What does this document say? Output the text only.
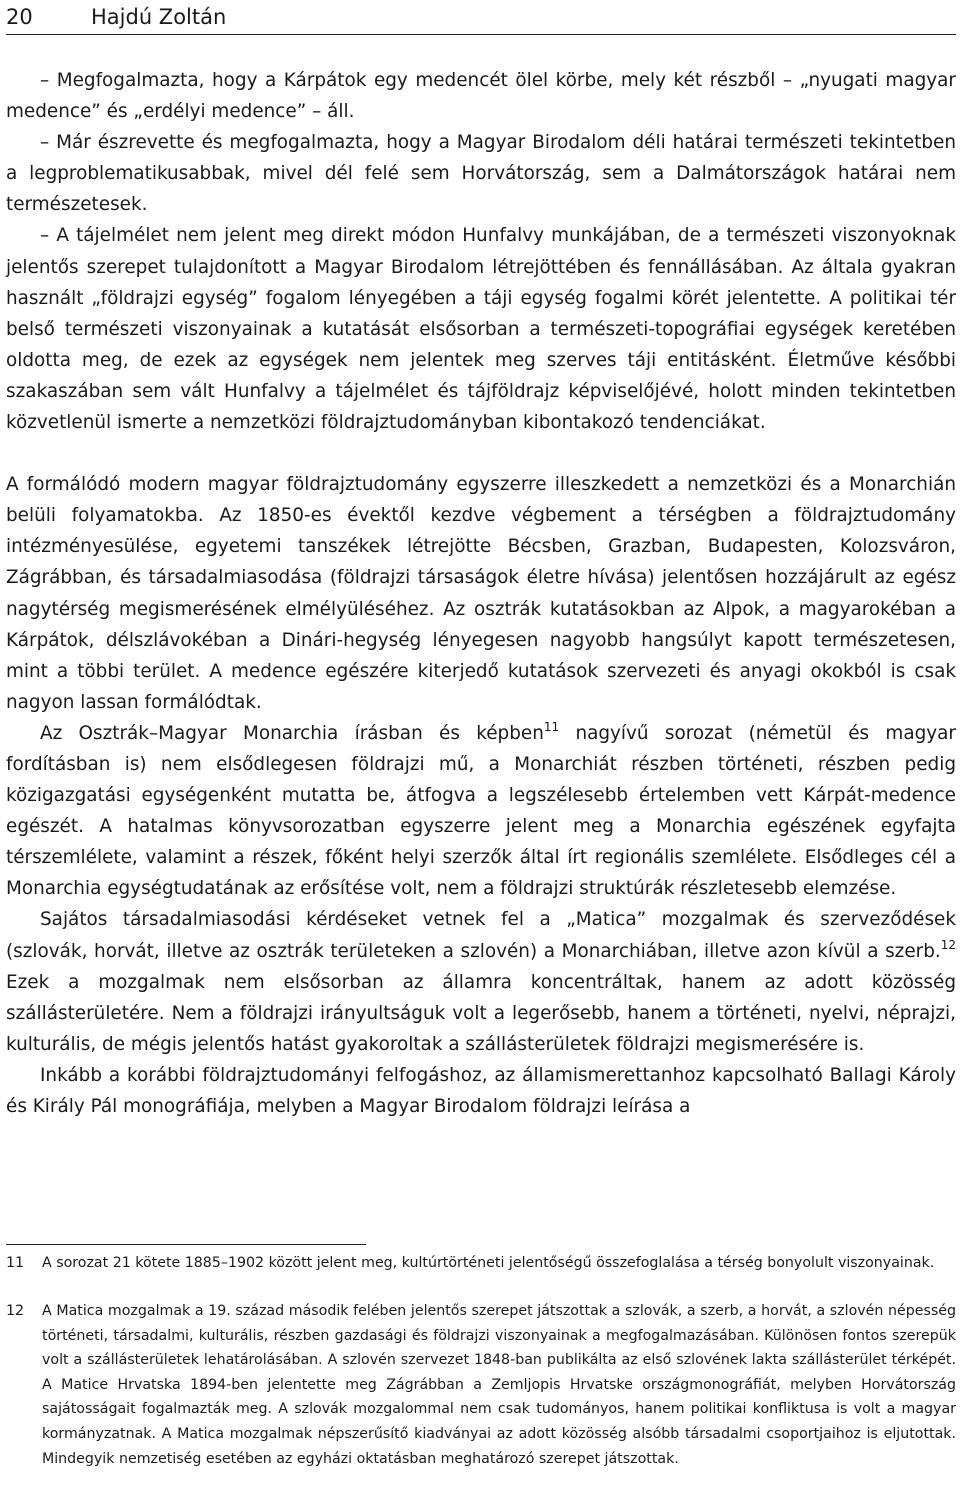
20	Hajdú Zoltán

– Megfogalmazta, hogy a Kárpátok egy medencét ölel körbe, mely két részből – „nyugati magyar medence” és „erdélyi medence” – áll.

– Már észrevette és megfogalmazta, hogy a Magyar Birodalom déli határai természeti tekintetben a legproblematikusabbak, mivel dél felé sem Horvátország, sem a Dalmátországok határai nem természetesek.

– A tájelmélet nem jelent meg direkt módon Hunfalvy munkájában, de a természeti viszonyoknak jelentős szerepet tulajdonított a Magyar Birodalom létrejöttében és fennállásában. Az általa gyakran használt „földrajzi egység” fogalom lényegében a táji egység fogalmi körét jelentette. A politikai tér belső természeti viszonyainak a kutatását elsősorban a természeti-topográfiai egységek keretében oldotta meg, de ezek az egységek nem jelentek meg szerves táji entitásként. Életműve későbbi szakaszában sem vált Hunfalvy a tájelmélet és tájföldrajz képviselőjévé, holott minden tekintetben közvetlenül ismerte a nemzetközi földrajztudományban kibontakozó tendenciákat.

A formálódó modern magyar földrajztudomány egyszerre illeszkedett a nemzetközi és a Monarchián belüli folyamatokba. Az 1850-es évektől kezdve végbement a térségben a földrajztudomány intézményesülése, egyetemi tanszékek létrejötte Bécsben, Grazban, Budapesten, Kolozsváron, Zágrábban, és társadalmiasodása (földrajzi társaságok életre hívása) jelentősen hozzájárult az egész nagytérség megismerésének elmélyüléséhez. Az osztrák kutatásokban az Alpok, a magyarokéban a Kárpátok, délszlávokéban a Dinári-hegység lényegesen nagyobb hangsúlyt kapott természetesen, mint a többi terület. A medence egészére kiterjedő kutatások szervezeti és anyagi okokból is csak nagyon lassan formálódtak.

Az Osztrák–Magyar Monarchia írásban és képben$^{11}$ nagyívű sorozat (németül és magyar fordításban is) nem elsődlegesen földrajzi mű, a Monarchiát részben történeti, részben pedig közigazgatási egységenként mutatta be, átfogva a legszélesebb értelemben vett Kárpát-medence egészét. A hatalmas könyvsorozatban egyszerre jelent meg a Monarchia egészének egyfajta térszemlélete, valamint a részek, főként helyi szerzők által írt regionális szemlélete. Elsődleges cél a Monarchia egységtudatának az erősítése volt, nem a földrajzi struktúrák részletesebb elemzése.

Sajátos társadalmiasodási kérdéseket vetnek fel a „Matica” mozgalmak és szerveződések (szlovák, horvát, illetve az osztrák területeken a szlovén) a Monarchiában, illetve azon kívül a szerb.$^{12}$ Ezek a mozgalmak nem elsősorban az államra koncentráltak, hanem az adott közösség szállásterületére. Nem a földrajzi irányultságuk volt a legerősebb, hanem a történeti, nyelvi, néprajzi, kulturális, de mégis jelentős hatást gyakoroltak a szállásterületek földrajzi megismerésére is.

Inkább a korábbi földrajztudományi felfogáshoz, az államismerettanhoz kapcsolható Ballagi Károly és Király Pál monográfiája, melyben a Magyar Birodalom földrajzi leírása a

11	A sorozat 21 kötete 1885–1902 között jelent meg, kultúrtörténeti jelentőségű összefoglalása a térség bonyolult viszonyainak.
12	A Matica mozgalmak a 19. század második felében jelentős szerepet játszottak a szlovák, a szerb, a horvát, a szlovén népesség történeti, társadalmi, kulturális, részben gazdasági és földrajzi viszonyainak a megfogalmazásában. Különösen fontos szerepük volt a szállásterületek lehatárolásában. A szlovén szervezet 1848-ban publikálta az első szlovének lakta szállásterület térképét. A Matice Hrvatska 1894-ben jelentette meg Zágrábban a Zemljopis Hrvatske országmonográfiát, melyben Horvátország sajátosságait fogalmazták meg. A szlovák mozgalommal nem csak tudományos, hanem politikai konfliktusa is volt a magyar kormányzatnak. A Matica mozgalmak népszerűsítő kiadványai az adott közösség alsóbb társadalmi csoportjaihoz is eljutottak. Mindegyik nemzetiség esetében az egyházi oktatásban meghatározó szerepet játszottak.
